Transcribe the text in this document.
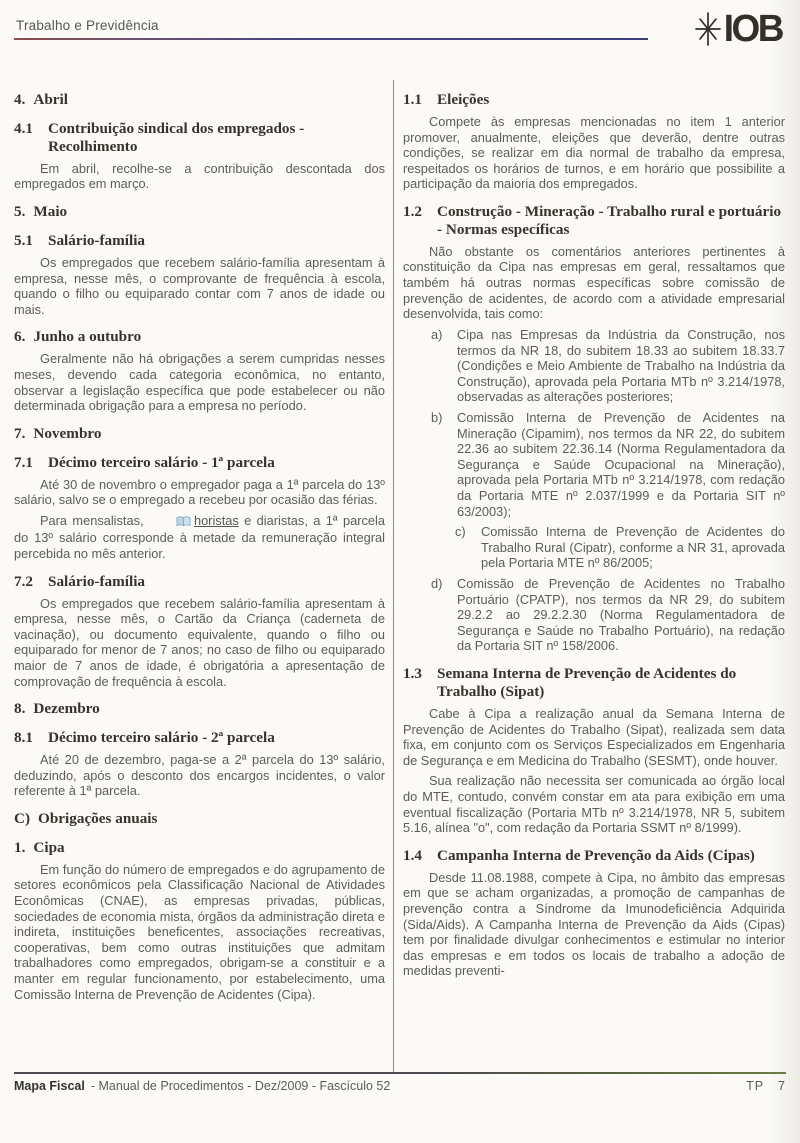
Trabalho e Previdência	IOB
4. Abril
4.1 Contribuição sindical dos empregados - Recolhimento

Em abril, recolhe-se a contribuição descontada dos empregados em março.

5. Maio
5.1 Salário-família

Os empregados que recebem salário-família apresentam à empresa, nesse mês, o comprovante de frequência à escola, quando o filho ou equiparado contar com 7 anos de idade ou mais.

6. Junho a outubro

Geralmente não há obrigações a serem cumpridas nesses meses, devendo cada categoria econômica, no entanto, observar a legislação específica que pode estabelecer ou não determinada obrigação para a empresa no período.

7. Novembro
7.1 Décimo terceiro salário - 1ª parcela

Até 30 de novembro o empregador paga a 1ª parcela do 13º salário, salvo se o empregado a recebeu por ocasião das férias.

Para mensalistas,	horistas e diaristas, a 1ª parcela do 13º salário corresponde à metade da remuneração integral percebida no mês anterior.

7.2 Salário-família

Os empregados que recebem salário-família apresentam à empresa, nesse mês, o Cartão da Criança (caderneta de vacinação), ou documento equivalente, quando o filho ou equiparado for menor de 7 anos; no caso de filho ou equiparado maior de 7 anos de idade, é obrigatória a apresentação de comprovação de frequência à escola.

8. Dezembro
8.1 Décimo terceiro salário - 2ª parcela

Até 20 de dezembro, paga-se a 2ª parcela do 13º salário, deduzindo, após o desconto dos encargos incidentes, o valor referente à 1ª parcela.

C) Obrigações anuais
1. Cipa

Em função do número de empregados e do agrupamento de setores econômicos pela Classificação Nacional de Atividades Econômicas (CNAE), as empresas privadas, públicas, sociedades de economia mista, órgãos da administração direta e indireta, instituições beneficentes, associações recreativas, cooperativas, bem como outras instituições que admitam trabalhadores como empregados, obrigam-se a constituir e a manter em regular funcionamento, por estabelecimento, uma Comissão Interna de Prevenção de Acidentes (Cipa).

1.1 Eleições

Compete às empresas mencionadas no item 1 anterior promover, anualmente, eleições que deverão, dentre outras condições, se realizar em dia normal de trabalho da empresa, respeitados os horários de turnos, e em horário que possibilite a participação da maioria dos empregados.

1.2 Construção - Mineração - Trabalho rural e portuário - Normas específicas

Não obstante os comentários anteriores pertinentes à constituição da Cipa nas empresas em geral, ressaltamos que também há outras normas específicas sobre comissão de prevenção de acidentes, de acordo com a atividade empresarial desenvolvida, tais como:

a)	Cipa nas Empresas da Indústria da Construção, nos termos da NR 18, do subitem 18.33 ao subitem 18.33.7 (Condições e Meio Ambiente de Trabalho na Indústria da Construção), aprovada pela Portaria MTb nº 3.214/1978, observadas as alterações posteriores;
b)	Comissão Interna de Prevenção de Acidentes na Mineração (Cipamim), nos termos da NR 22, do subitem 22.36 ao subitem 22.36.14 (Norma Regulamentadora da Segurança e Saúde Ocupacional na Mineração), aprovada pela Portaria MTb nº 3.214/1978, com redação da Portaria MTE nº 2.037/1999 e da Portaria SIT nº 63/2003);
c)	Comissão Interna de Prevenção de Acidentes do Trabalho Rural (Cipatr), conforme a NR 31, aprovada pela Portaria MTE nº 86/2005;
d)	Comissão de Prevenção de Acidentes no Trabalho Portuário (CPATP), nos termos da NR 29, do subitem 29.2.2 ao 29.2.2.30 (Norma Regulamentadora de Segurança e Saúde no Trabalho Portuário), na redação da Portaria SIT nº 158/2006.
1.3 Semana Interna de Prevenção de Acidentes do Trabalho (Sipat)

Cabe à Cipa a realização anual da Semana Interna de Prevenção de Acidentes do Trabalho (Sipat), realizada sem data fixa, em conjunto com os Serviços Especializados em Engenharia de Segurança e em Medicina do Trabalho (SESMT), onde houver.

Sua realização não necessita ser comunicada ao órgão local do MTE, contudo, convém constar em ata para exibição em uma eventual fiscalização (Portaria MTb nº 3.214/1978, NR 5, subitem 5.16, alínea "o", com redação da Portaria SSMT nº 8/1999).

1.4 Campanha Interna de Prevenção da Aids (Cipas)

Desde 11.08.1988, compete à Cipa, no âmbito das empresas em que se acham organizadas, a promoção de campanhas de prevenção contra a Síndrome da Imunodeficiência Adquirida (Sida/Aids). A Campanha Interna de Prevenção da Aids (Cipas) tem por finalidade divulgar conhecimentos e estimular no interior das empresas e em todos os locais de trabalho a adoção de medidas preventi-

Mapa Fiscal - Manual de Procedimentos - Dez/2009 - Fascículo 52	TP 7
